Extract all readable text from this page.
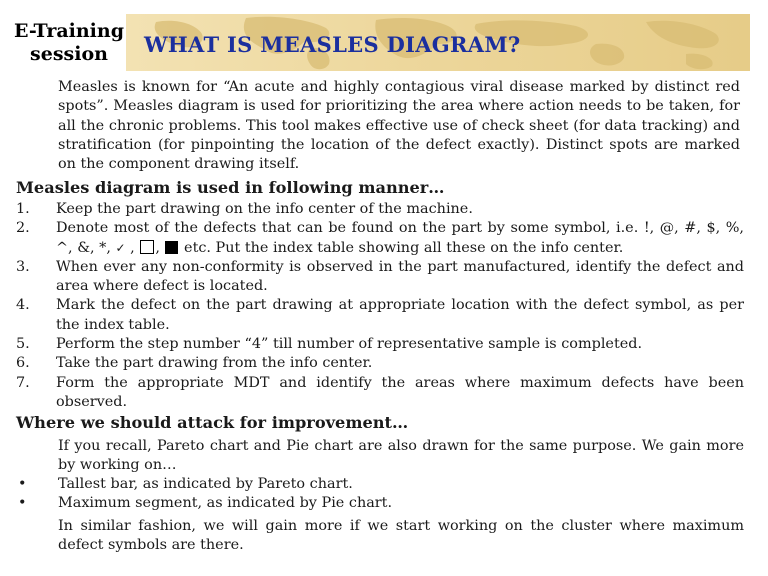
E-Training
session	WHAT IS MEASLES DIAGRAM?
Measles is known for “An acute and highly contagious viral disease marked by distinct red spots”. Measles diagram is used for prioritizing the area where action needs to be taken, for all the chronic problems. This tool makes effective use of check sheet (for data tracking) and stratification (for pinpointing the location of the defect exactly). Distinct spots are marked on the component drawing itself.
Measles diagram is used in following manner…
1.	Keep the part drawing on the info center of the machine.
2.	Denote most of the defects that can be found on the part by some symbol, i.e. !, @, #, $, %, ^, &, *, ✓ , ,  etc. Put the index table showing all these on the info center.
3.	When ever any non-conformity is observed in the part manufactured, identify the defect and area where defect is located.
4.	Mark the defect on the part drawing at appropriate location with the defect symbol, as per the index table.
5.	Perform the step number “4” till number of representative sample is completed.
6.	Take the part drawing from the info center.
7.	Form the appropriate MDT and identify the areas where maximum defects have been observed.
Where we should attack for improvement…
If you recall, Pareto chart and Pie chart are also drawn for the same purpose. We gain more by working on…
•	Tallest bar, as indicated by Pareto chart.
•	Maximum segment, as indicated by Pie chart.
In similar fashion, we will gain more if we start working on the cluster where maximum defect symbols are there.
